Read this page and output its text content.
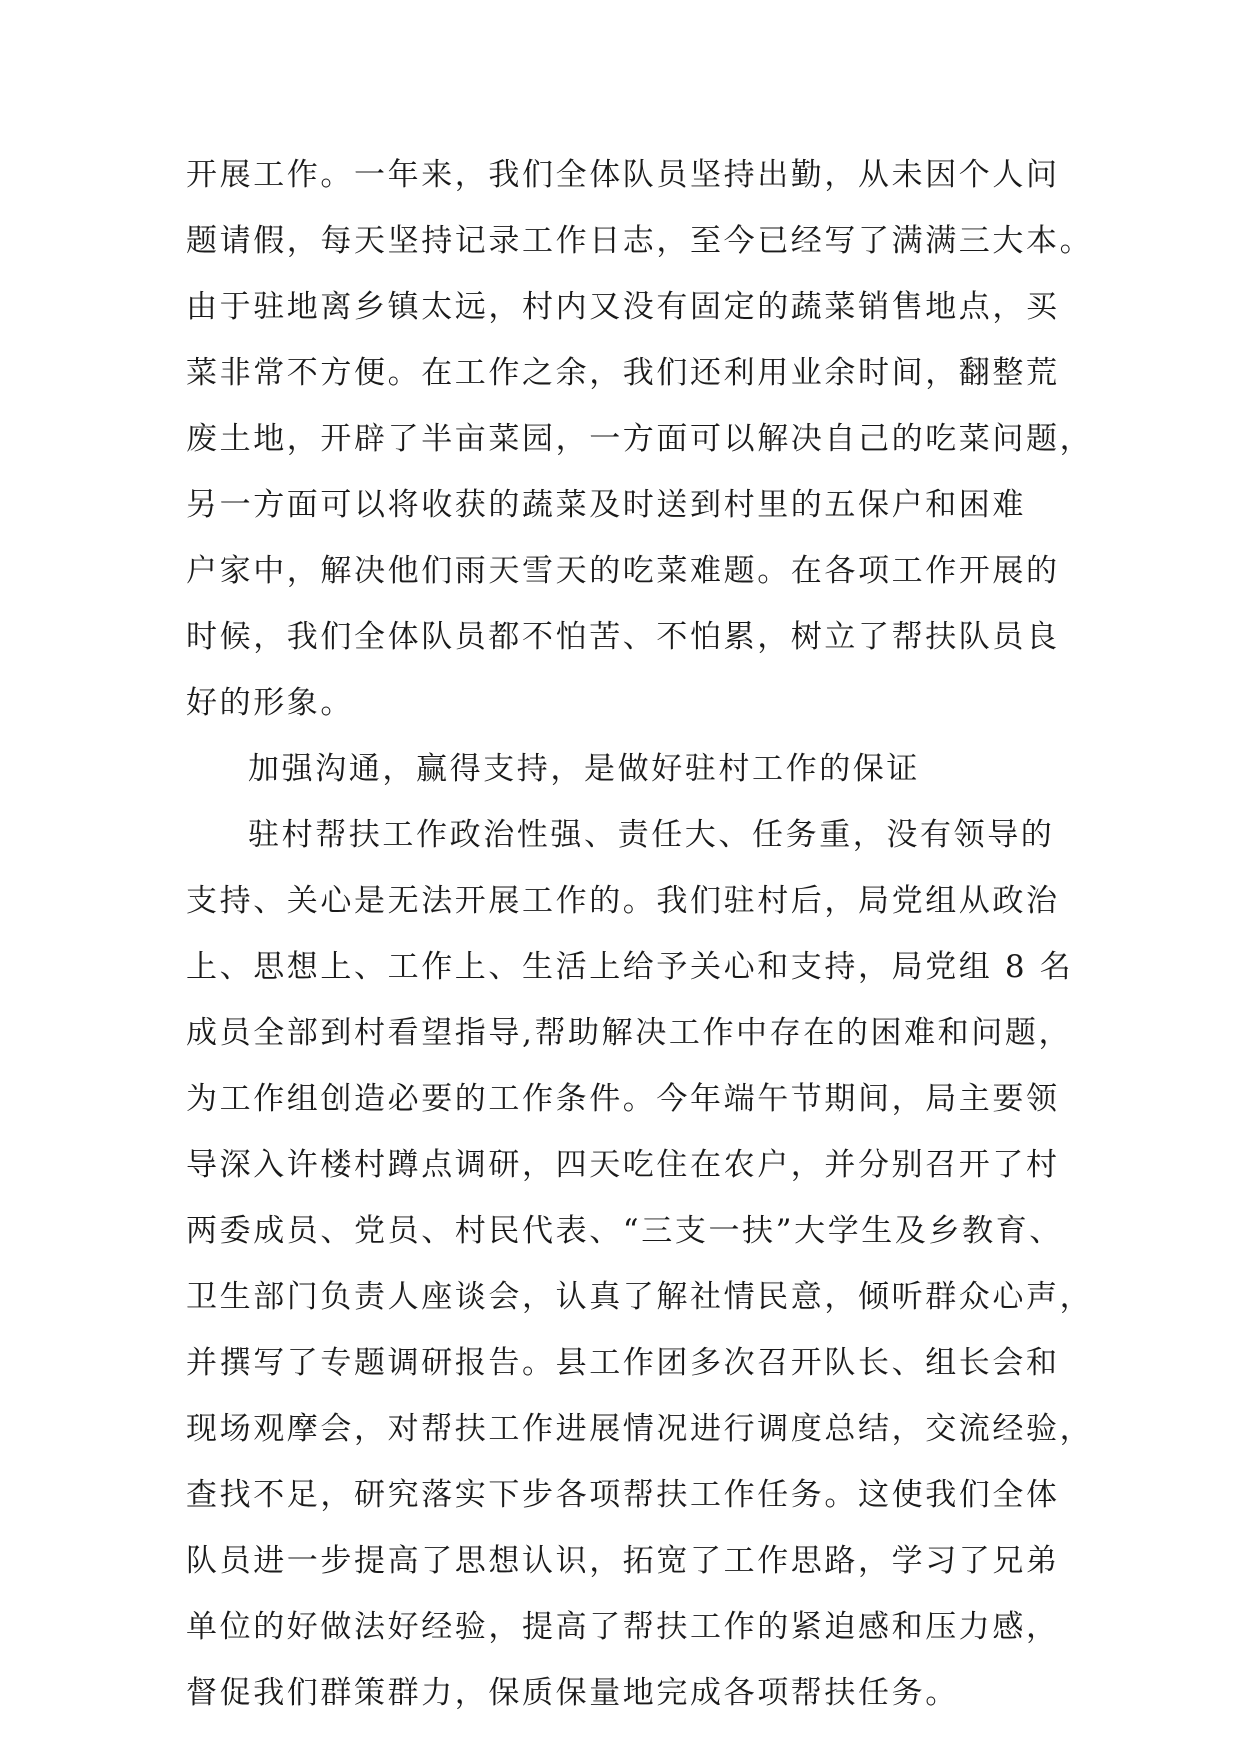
开展工作。一年来，我们全体队员坚持出勤，从未因个人问
题请假，每天坚持记录工作日志，至今已经写了满满三大本。
由于驻地离乡镇太远，村内又没有固定的蔬菜销售地点，买
菜非常不方便。在工作之余，我们还利用业余时间，翻整荒
废土地，开辟了半亩菜园，一方面可以解决自己的吃菜问题，
另一方面可以将收获的蔬菜及时送到村里的五保户和困难
户家中，解决他们雨天雪天的吃菜难题。在各项工作开展的
时候，我们全体队员都不怕苦、不怕累，树立了帮扶队员良
好的形象。
加强沟通，赢得支持，是做好驻村工作的保证
驻村帮扶工作政治性强、责任大、任务重，没有领导的
支持、关心是无法开展工作的。我们驻村后，局党组从政治
上、思想上、工作上、生活上给予关心和支持，局党组 8 名
成员全部到村看望指导,帮助解决工作中存在的困难和问题，
为工作组创造必要的工作条件。今年端午节期间，局主要领
导深入许楼村蹲点调研，四天吃住在农户，并分别召开了村
两委成员、党员、村民代表、“三支一扶”大学生及乡教育、
卫生部门负责人座谈会，认真了解社情民意，倾听群众心声，
并撰写了专题调研报告。县工作团多次召开队长、组长会和
现场观摩会，对帮扶工作进展情况进行调度总结，交流经验，
查找不足，研究落实下步各项帮扶工作任务。这使我们全体
队员进一步提高了思想认识，拓宽了工作思路，学习了兄弟
单位的好做法好经验，提高了帮扶工作的紧迫感和压力感，
督促我们群策群力，保质保量地完成各项帮扶任务。
